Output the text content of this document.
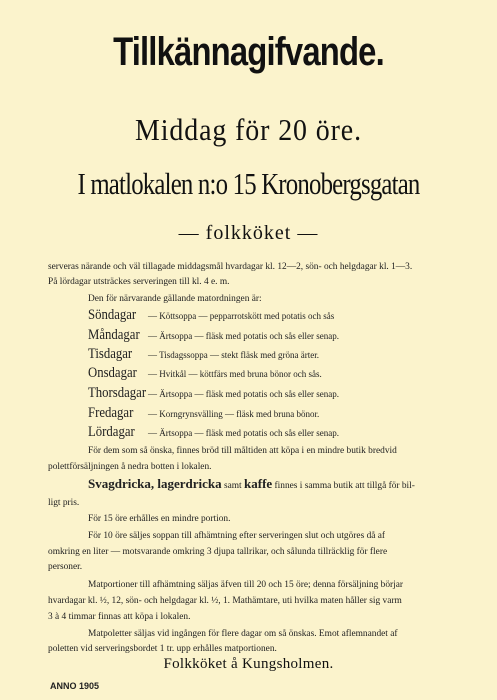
Tillkännagifvande.
Middag för 20 öre.
I matlokalen n:o 15 Kronobergsgatan
— folkköket —
serveras närande och väl tillagade middagsmål hvardagar kl. 12—2, sön- och helgdagar kl. 1—3.
På lördagar utsträckes serveringen till kl. 4 e. m.
Den för närvarande gällande matordningen är:
Söndagar — Köttsoppa — pepparrotskött med potatis och sås
Måndagar — Ärtsoppa — fläsk med potatis och sås eller senap.
Tisdagar — Tisdagssoppa — stekt fläsk med gröna ärter.
Onsdagar — Hvitkål — köttfärs med bruna bönor och sås.
Thorsdagar — Ärtsoppa — fläsk med potatis och sås eller senap.
Fredagar — Korngrynsvälling — fläsk med bruna bönor.
Lördagar — Ärtsoppa — fläsk med potatis och sås eller senap.
För dem som så önska, finnes bröd till måltiden att köpa i en mindre butik bredvid
polettförsäljningen å nedra botten i lokalen.
Svagdricka, lagerdricka samt kaffe finnes i samma butik att tillgå för bil-
ligt pris.
För 15 öre erhålles en mindre portion.
För 10 öre säljes soppan till afhämtning efter serveringen slut och utgöres då af
omkring en liter — motsvarande omkring 3 djupa tallrikar, och sålunda tillräcklig för flere
personer.
Matportioner till afhämtning säljas äfven till 20 och 15 öre; denna försäljning börjar
hvardagar kl. ½, 12, sön- och helgdagar kl. ½, 1. Mathämtare, uti hvilka maten håller sig varm
3 à 4 timmar finnas att köpa i lokalen.
Matpoletter säljas vid ingången för flere dagar om så önskas. Emot aflemnandet af
poletten vid serveringsbordet 1 tr. upp erhålles matportionen.
Folkköket å Kungsholmen.
ANNO 1905
